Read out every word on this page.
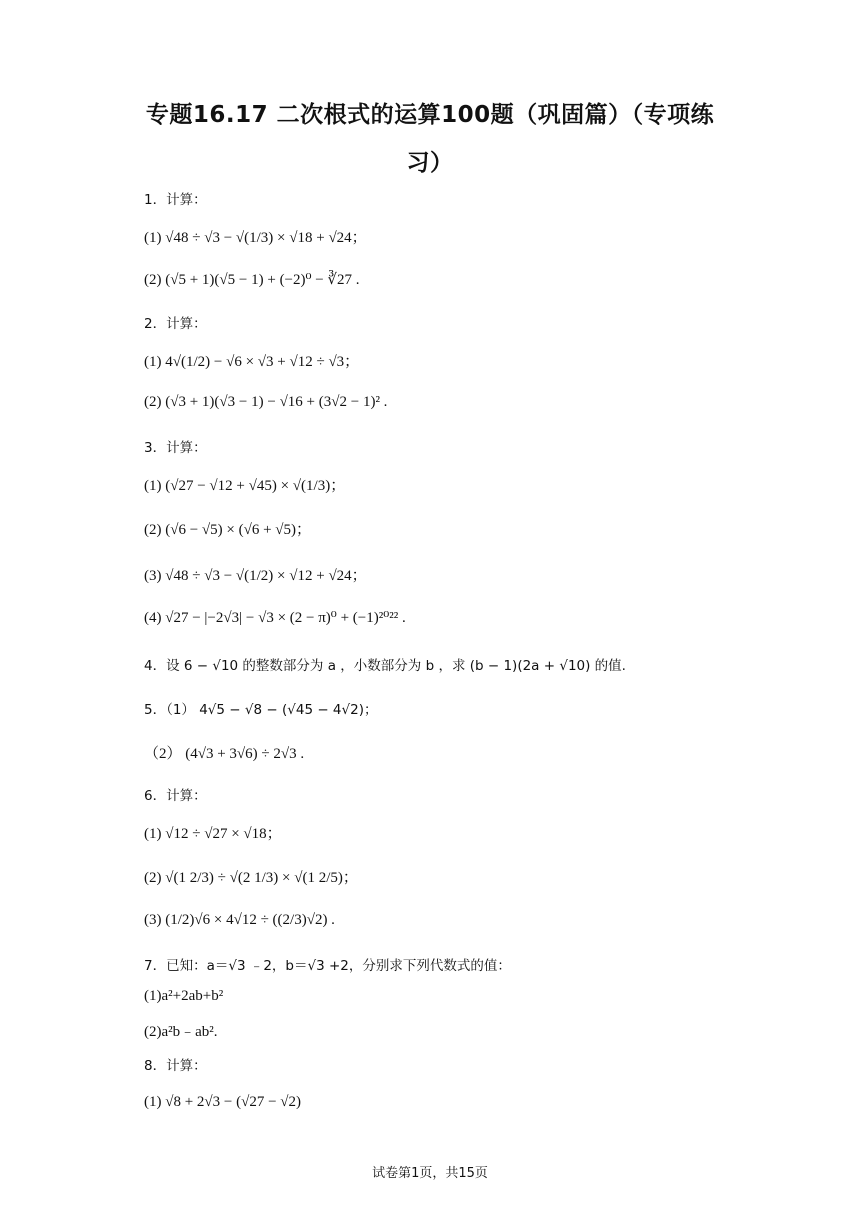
专题16.17 二次根式的运算100题（巩固篇）（专项练
习）
1．计算：
(1) √48 ÷ √3 − √(1/3) × √18 + √24；
(2) (√5 + 1)(√5 − 1) + (−2)⁰ − ∛27 .
2．计算：
(1) 4√(1/2) − √6 × √3 + √12 ÷ √3；
(2) (√3 + 1)(√3 − 1) − √16 + (3√2 − 1)² .
3．计算：
(1) (√27 − √12 + √45) × √(1/3)；
(2) (√6 − √5) × (√6 + √5)；
(3) √48 ÷ √3 − √(1/2) × √12 + √24；
(4) √27 − |−2√3| − √3 × (2 − π)⁰ + (−1)²⁰²² .
4．设 6 − √10 的整数部分为 a ，小数部分为 b ，求 (b − 1)(2a + √10) 的值.
5．（1） 4√5 − √8 − (√45 − 4√2)；
（2） (4√3 + 3√6) ÷ 2√3 .
6．计算：
(1) √12 ÷ √27 × √18；
(2) √(1 2/3) ÷ √(2 1/3) × √(1 2/5)；
(3) (1/2)√6 × 4√12 ÷ ((2/3)√2) .
7．已知：a＝√3 ﹣2，b＝√3 +2，分别求下列代数式的值：
(1)a²+2ab+b²
(2)a²b﹣ab².
8．计算：
(1) √8 + 2√3 − (√27 − √2)
试卷第1页，共15页
